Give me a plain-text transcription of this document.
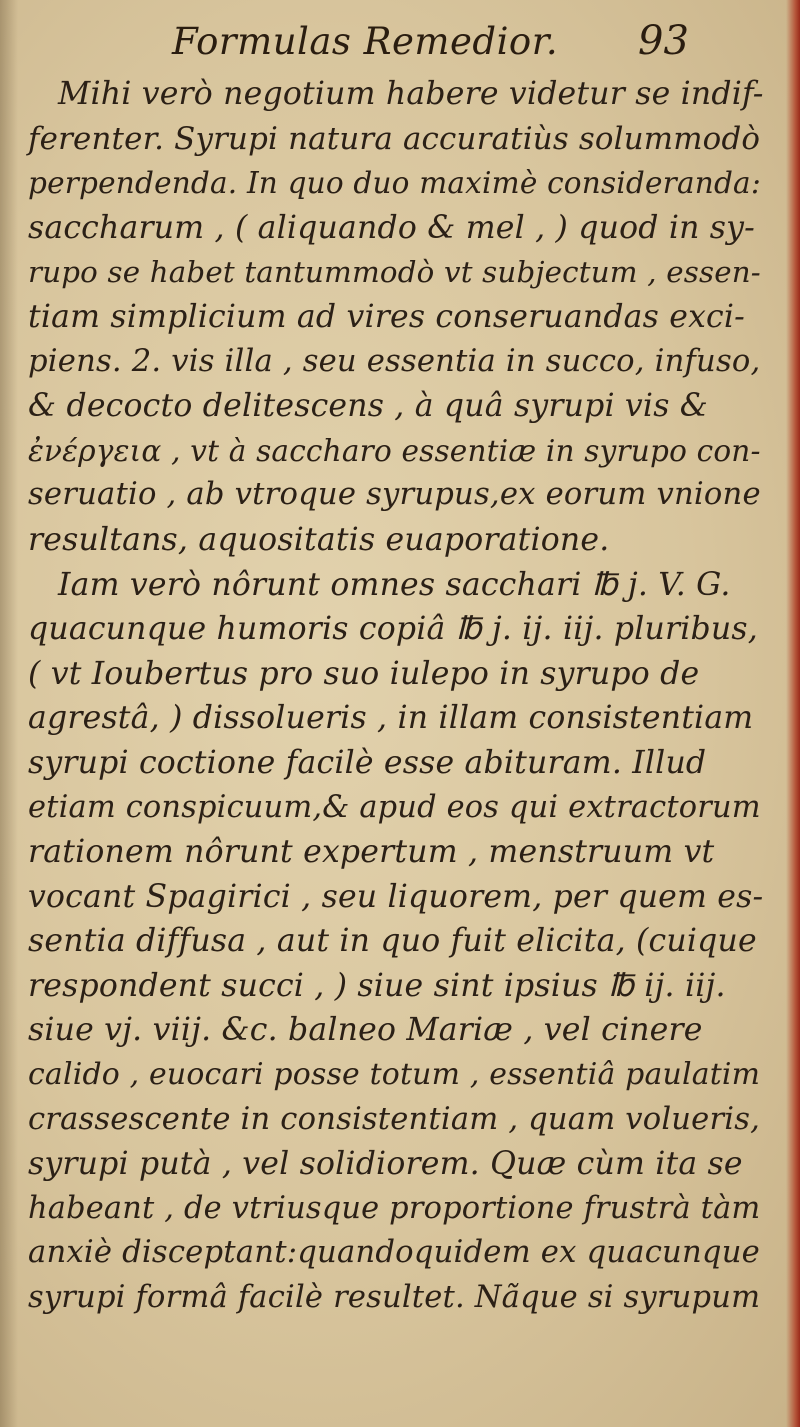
Formulas Remedior. 93
Mihi verò negotium habere videtur se indif-
ferenter. Syrupi natura accuratiùs solummodò
perpendenda. In quo duo maximè consideranda:
saccharum , ( aliquando & mel , ) quod in sy-
rupo se habet tantummodò vt subjectum , essen-
tiam simplicium ad vires conseruandas exci-
piens. 2. vis illa , seu essentia in succo, infuso,
& decocto delitescens , à quâ syrupi vis &
ἐνέργεια , vt à saccharo essentiæ in syrupo con-
seruatio , ab vtroque syrupus,ex eorum vnione
resultans, aquositatis euaporatione.
Iam verò nôrunt omnes sacchari ℔ j. V. G.
quacunque humoris copiâ ℔ j. ij. iij. pluribus,
( vt Ioubertus pro suo iulepo in syrupo de
agrestâ, ) dissolueris , in illam consistentiam
syrupi coctione facilè esse abituram. Illud
etiam conspicuum,& apud eos qui extractorum
rationem nôrunt expertum , menstruum vt
vocant Spagirici , seu liquorem, per quem es-
sentia diffusa , aut in quo fuit elicita, (cuique
respondent succi , ) siue sint ipsius ℔ ij. iij.
siue vj. viij. &c. balneo Mariæ , vel cinere
calido , euocari posse totum , essentiâ paulatim
crassescente in consistentiam , quam volueris,
syrupi putà , vel solidiorem. Quæ cùm ita se
habeant , de vtriusque proportione frustrà tàm
anxiè disceptant:quandoquidem ex quacunque
syrupi formâ facilè resultet. Nãque si syrupum
